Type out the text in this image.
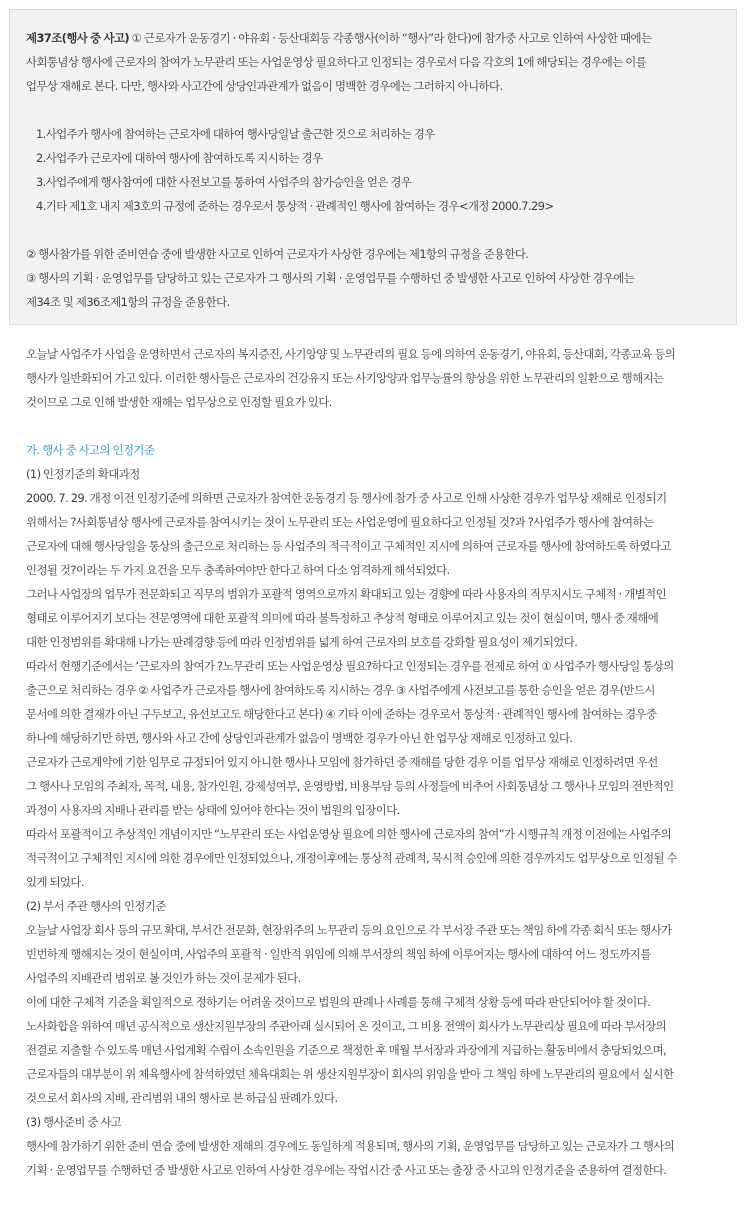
제37조(행사 중 사고) ① 근로자가 운동경기 · 야유회 · 등산대회등 각종행사(이하 “행사”라 한다)에 참가중 사고로 인하여 사상한 때에는

사회통념상 행사에 근로자의 참여가 노무관리 또는 사업운영상 필요하다고 인정되는 경우로서 다음 각호의 1에 해당되는 경우에는 이를
업무상 재해로 본다. 다만, 행사와 사고간에 상당인과관계가 없음이 명백한 경우에는 그러하지 아니하다.
1.사업주가 행사에 참여하는 근로자에 대하여 행사당일날 출근한 것으로 처리하는 경우
2.사업주가 근로자에 대하여 행사에 참여하도록 지시하는 경우
3.사업주에게 행사참여에 대한 사전보고를 통하여 사업주의 참가승인을 얻은 경우
4.기타 제1호 내지 제3호의 규정에 준하는 경우로서 통상적 · 관례적인 행사에 참여하는 경우<개정 2000.7.29>
② 행사참가를 위한 준비연습 중에 발생한 사고로 인하여 근로자가 사상한 경우에는 제1항의 규정을 준용한다.
③ 행사의 기획 · 운영업무를 담당하고 있는 근로자가 그 행사의 기획 · 운영업무를 수행하던 중 발생한 사고로 인하여 사상한 경우에는
제34조 및 제36조제1항의 규정을 준용한다.
오늘날 사업주가 사업을 운영하면서 근로자의 복지증진, 사기앙양 및 노무관리의 필요 등에 의하여 운동경기, 야유회, 등산대회, 각종교육 등의
행사가 일반화되어 가고 있다. 이러한 행사들은 근로자의 건강유지 또는 사기앙양과 업무능률의 향상을 위한 노무관리의 일환으로 행해지는
것이므로 그로 인해 발생한 재해는 업무상으로 인정할 필요가 있다.
가. 행사 중 사고의 인정기준
(1) 인정기준의 확대과정
2000. 7. 29. 개정 이전 인정기준에 의하면 근로자가 참여한 운동경기 등 행사에 참가 중 사고로 인해 사상한 경우가 업무상 재해로 인정되기
위해서는 ?사회통념상 행사에 근로자를 참여시키는 것이 노무관리 또는 사업운영에 필요하다고 인정될 것?과 ?사업주가 행사에 참여하는
근로자에 대해 행사당일을 통상의 출근으로 처리하는 등 사업주의 적극적이고 구체적인 지시에 의하여 근로자를 행사에 참여하도록 하였다고
인정될 것?이라는 두 가지 요건을 모두 충족하여야만 한다고 하여 다소 엄격하게 해석되었다.
그러나 사업장의 업무가 전문화되고 직무의 범위가 포괄적 영역으로까지 확대되고 있는 경향에 따라 사용자의 직무지시도 구체적 · 개별적인
형태로 이루어지기 보다는 전문영역에 대한 포괄적 의미에 따라 불특정하고 추상적 형태로 이루어지고 있는 것이 현실이며, 행사 중 재해에
대한 인정범위를 확대해 나가는 판례경향 등에 따라 인정범위를 넓게 하여 근로자의 보호를 강화할 필요성이 제기되었다.
따라서 현행기준에서는 ‘근로자의 참여가 ?노무관리 또는 사업운영상 필요?하다고 인정되는 경우를 전제로 하여 ① 사업주가 행사당일 통상의
출근으로 처리하는 경우 ② 사업주가 근로자를 행사에 참여하도록 지시하는 경우 ③ 사업주에게 사전보고를 통한 승인을 얻은 경우(반드시
문서에 의한 결재가 아닌 구두보고, 유선보고도 해당한다고 본다) ④ 기타 이에 준하는 경우로서 통상적 · 관례적인 행사에 참여하는 경우중
하나에 해당하기만 하면, 행사와 사고 간에 상당인과관계가 없음이 명백한 경우가 아닌 한 업무상 재해로 인정하고 있다.
근로자가 근로계약에 기한 임무로 규정되어 있지 아니한 행사나 모임에 참가하던 중 재해를 당한 경우 이를 업무상 재해로 인정하려면 우선
그 행사나 모임의 주최자, 목적, 내용, 참가인원, 강제성여부, 운영방법, 비용부담 등의 사정들에 비추어 사회통념상 그 행사나 모임의 전반적인
과정이 사용자의 지배나 관리를 받는 상태에 있어야 한다는 것이 법원의 입장이다.
따라서 포괄적이고 추상적인 개념이지만 “노무관리 또는 사업운영상 필요에 의한 행사에 근로자의 참여”가 시행규칙 개정 이전에는 사업주의
적극적이고 구체적인 지시에 의한 경우에만 인정되었으나, 개정이후에는 통상적 관례적, 묵시적 승인에 의한 경우까지도 업무상으로 인정될 수
있게 되었다.
(2) 부서 주관 행사의 인정기준
오늘날 사업장 회사 등의 규모 확대, 부서간 전문화, 현장위주의 노무관리 등의 요인으로 각 부서장 주관 또는 책임 하에 각종 회식 또는 행사가
빈번하게 행해지는 것이 현실이며, 사업주의 포괄적 · 일반적 위임에 의해 부서장의 책임 하에 이루어지는 행사에 대하여 어느 정도까지를
사업주의 지배관리 범위로 볼 것인가 하는 것이 문제가 된다.
이에 대한 구체적 기준을 획일적으로 정하기는 어려울 것이므로 법원의 판례나 사례를 통해 구체적 상황 등에 따라 판단되어야 할 것이다.
노사화합을 위하여 매년 공식적으로 생산지원부장의 주관아래 실시되어 온 것이고, 그 비용 전액이 회사가 노무관리상 필요에 따라 부서장의
전결로 지출할 수 있도록 매년 사업계획 수립이 소속인원을 기준으로 책정한 후 매월 부서장과 과장에게 지급하는 활동비에서 충당되었으며,
근로자들의 대부분이 위 체육행사에 참석하였던 체육대회는 위 생산지원부장이 회사의 위임을 받아 그 책임 하에 노무관리의 필요에서 실시한
것으로서 회사의 지배, 관리범위 내의 행사로 본 하급심 판례가 있다.
(3) 행사준비 중 사고
행사에 참가하기 위한 준비 연습 중에 발생한 재해의 경우에도 동일하게 적용되며, 행사의 기획, 운영업무를 담당하고 있는 근로자가 그 행사의
기획 · 운영업무를 수행하던 중 발생한 사고로 인하여 사상한 경우에는 작업시간 중 사고 또는 출장 중 사고의 인정기준을 준용하여 결정한다.
